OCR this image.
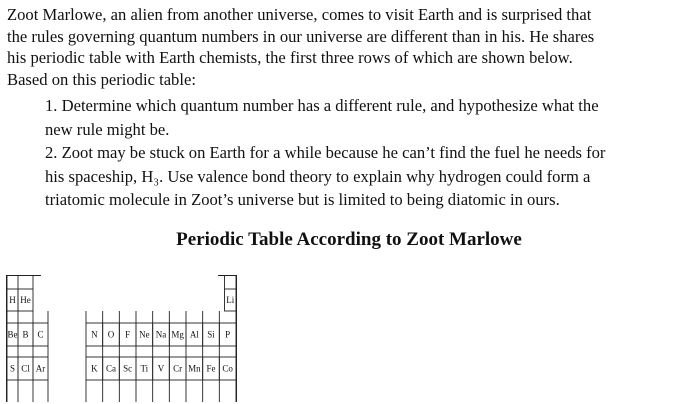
Zoot Marlowe, an alien from another universe, comes to visit Earth and is surprised that
the rules governing quantum numbers in our universe are different than in his. He shares
his periodic table with Earth chemists, the first three rows of which are shown below.
Based on this periodic table:
1. Determine which quantum number has a different rule, and hypothesize what the
new rule might be.
2. Zoot may be stuck on Earth for a while because he can’t find the fuel he needs for
his spaceship, H₃. Use valence bond theory to explain why hydrogen could form a
triatomic molecule in Zoot’s universe but is limited to being diatomic in ours.
Periodic Table According to Zoot Marlowe
H He	Li
Be B C	N O F Ne Na Mg Al Si P
S Cl Ar	K Ca Sc Ti V Cr Mn Fe Co
